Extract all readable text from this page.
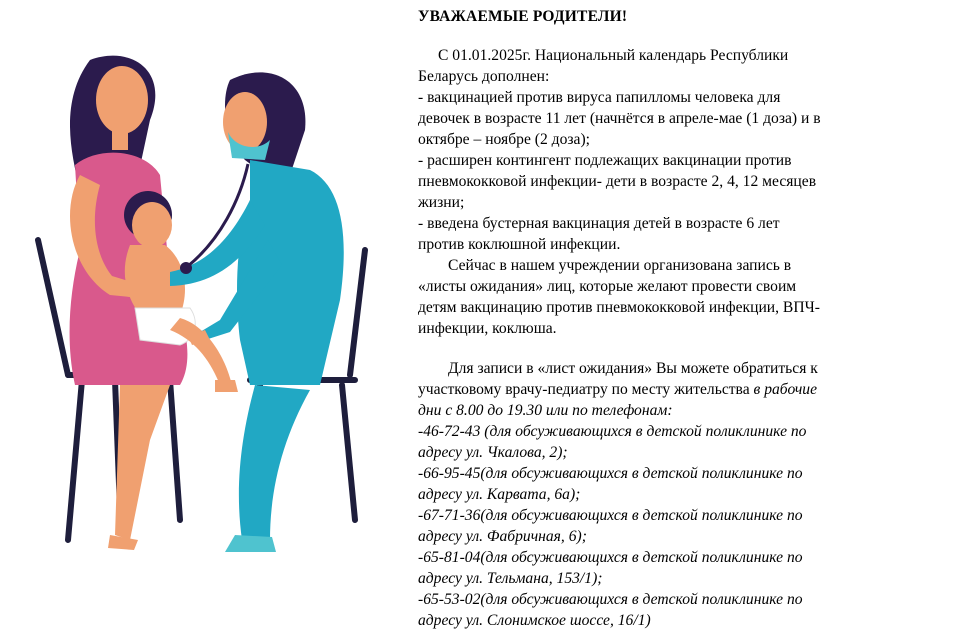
УВАЖАЕМЫЕ РОДИТЕЛИ!
С 01.01.2025г. Национальный календарь Республики
Беларусь дополнен:
- вакцинацией против вируса папилломы человека для
девочек в возрасте 11 лет (начнётся в апреле-мае (1 доза) и в
октябре – ноябре (2 доза);
- расширен контингент подлежащих вакцинации против
пневмококковой инфекции- дети в возрасте 2, 4, 12 месяцев
жизни;
- введена бустерная вакцинация детей в возрасте 6 лет
против коклюшной инфекции.
Сейчас в нашем учреждении организована запись в
«листы ожидания» лиц, которые желают провести своим
детям вакцинацию против пневмококковой инфекции, ВПЧ-
инфекции, коклюша.
Для записи в «лист ожидания» Вы можете обратиться к
участковому врачу-педиатру по месту жительства в рабочие
дни с 8.00 до 19.30 или по телефонам:
-46-72-43 (для обсуживающихся в детской поликлинике по
адресу ул. Чкалова, 2);
-66-95-45(для обсуживающихся в детской поликлинике по
адресу ул. Карвата, 6а);
-67-71-36(для обсуживающихся в детской поликлинике по
адресу ул. Фабричная, 6);
-65-81-04(для обсуживающихся в детской поликлинике по
адресу ул. Тельмана, 153/1);
-65-53-02(для обсуживающихся в детской поликлинике по
адресу ул. Слонимское шоссе, 16/1)
